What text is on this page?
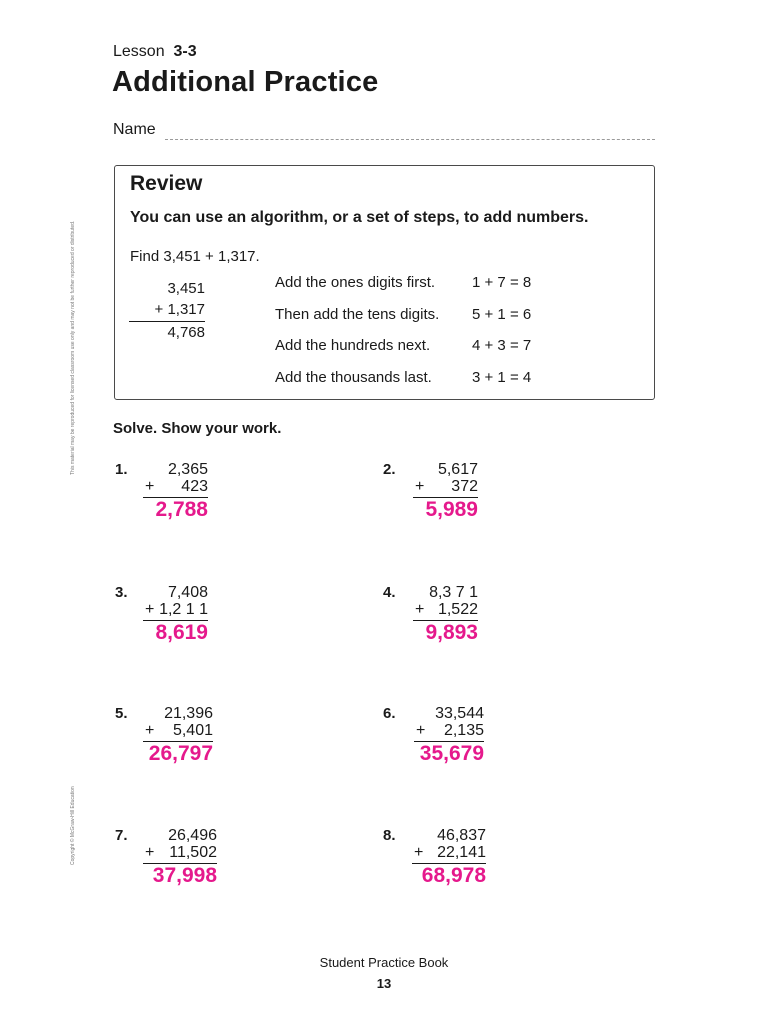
Lesson 3-3
Additional Practice
Name
This material may be reproduced for licensed classroom use only and may not be further reproduced or distributed.
Copyright © McGraw-Hill Education
Review
You can use an algorithm, or a set of steps, to add numbers.
Find 3,451 + 1,317.
3,451
+ 1,317
4,768
Add the ones digits first. 1 + 7 = 8
Then add the tens digits. 5 + 1 = 6
Add the hundreds next.	4 + 3 = 7
Add the thousands last.	3 + 1 = 4
Solve. Show your work.
1.	2,365
+ 423
2,788
2.	5,617
+ 372
5,989
3.	7,408
+ 1,2 1 1
8,619
4.	8,3 7 1
+ 1,522
9,893
5.	21,396
+ 5,401
26,797
6.	33,544
+ 2,135
35,679
7.	26,496
+ 11,502
37,998
8.	46,837
+ 22,141
68,978
Student Practice Book
13
